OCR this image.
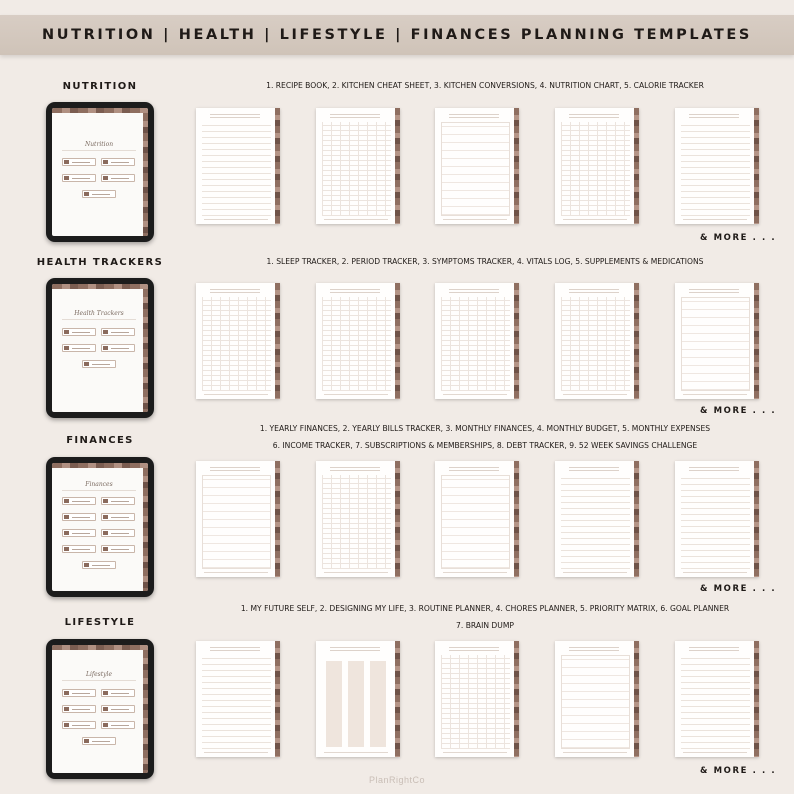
NUTRITION | HEALTH | LIFESTYLE | FINANCES PLANNING TEMPLATES
NUTRITION	1. RECIPE BOOK, 2. KITCHEN CHEAT SHEET, 3. KITCHEN CONVERSIONS, 4. NUTRITION CHART, 5. CALORIE TRACKER
Nutrition
& MORE . . .
HEALTH TRACKERS	1. SLEEP TRACKER, 2. PERIOD TRACKER, 3. SYMPTOMS TRACKER, 4. VITALS LOG, 5. SUPPLEMENTS & MEDICATIONS
Health Trackers
& MORE . . .
FINANCES
1. YEARLY FINANCES, 2. YEARLY BILLS TRACKER, 3. MONTHLY FINANCES, 4. MONTHLY BUDGET, 5. MONTHLY EXPENSES
6. INCOME TRACKER, 7. SUBSCRIPTIONS & MEMBERSHIPS, 8. DEBT TRACKER, 9. 52 WEEK SAVINGS CHALLENGE
Finances
& MORE . . .
LIFESTYLE
1. MY FUTURE SELF, 2. DESIGNING MY LIFE, 3. ROUTINE PLANNER, 4. CHORES PLANNER, 5. PRIORITY MATRIX, 6. GOAL PLANNER
7. BRAIN DUMP
Lifestyle
& MORE . . .
PlanRightCo
